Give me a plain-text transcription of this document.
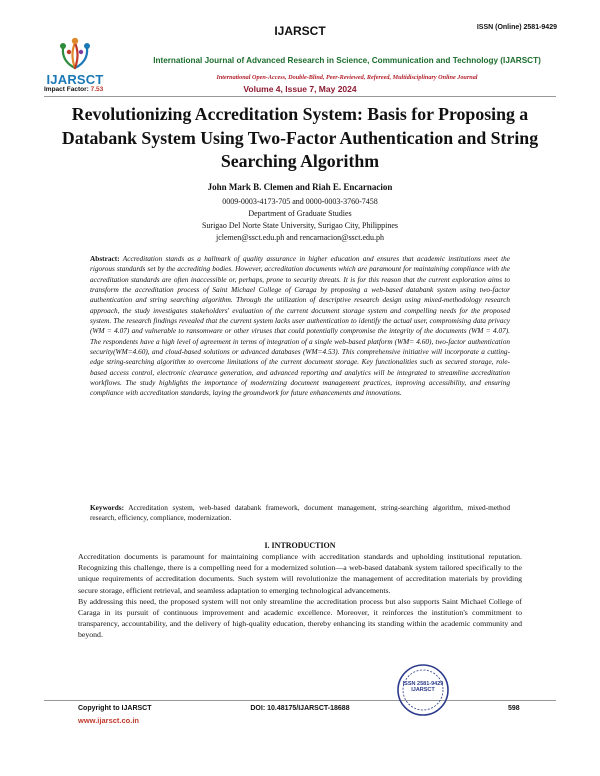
IJARSCT	ISSN (Online) 2581-9429
IJARSCT
International Journal of Advanced Research in Science, Communication and Technology (IJARSCT)
International Open-Access, Double-Blind, Peer-Reviewed, Refereed, Multidisciplinary Online Journal
Impact Factor: 7.53	Volume 4, Issue 7, May 2024
Revolutionizing Accreditation System: Basis for Proposing a Databank System Using Two-Factor Authentication and String Searching Algorithm
John Mark B. Clemen and Riah E. Encarnacion
0009-0003-4173-705 and 0000-0003-3760-7458
Department of Graduate Studies
Surigao Del Norte State University, Surigao City, Philippines
jclemen@ssct.edu.ph and rencarnacion@ssct.edu.ph
Abstract: Accreditation stands as a hallmark of quality assurance in higher education and ensures that academic institutions meet the rigorous standards set by the accrediting bodies. However, accreditation documents which are paramount for maintaining compliance with the accreditation standards are often inaccessible or, perhaps, prone to security threats. It is for this reason that the current exploration aims to transform the accreditation process of Saint Michael College of Caraga by proposing a web-based databank system using two-factor authentication and string searching algorithm. Through the utilization of descriptive research design using mixed-methodology research approach, the study investigates stakeholders' evaluation of the current document storage system and compelling needs for the proposed system. The research findings revealed that the current system lacks user authentication to identify the actual user, compromising data privacy (WM = 4.07) and vulnerable to ransomware or other viruses that could potentially compromise the integrity of the documents (WM = 4.07). The respondents have a high level of agreement in terms of integration of a single web-based platform (WM= 4.60), two-factor authentication security(WM=4.60), and cloud-based solutions or advanced databases (WM=4.53). This comprehensive initiative will incorporate a cutting-edge string-searching algorithm to overcome limitations of the current document storage. Key functionalities such as secured storage, role-based access control, electronic clearance generation, and advanced reporting and analytics will be integrated to streamline accreditation workflows. The study highlights the importance of modernizing document management practices, improving accessibility, and ensuring compliance with accreditation standards, laying the groundwork for future enhancements and innovations.
Keywords: Accreditation system, web-based databank framework, document management, string-searching algorithm, mixed-method research, efficiency, compliance, modernization.
I. INTRODUCTION

Accreditation documents is paramount for maintaining compliance with accreditation standards and upholding institutional reputation. Recognizing this challenge, there is a compelling need for a modernized solution—a web-based databank system tailored specifically to the unique requirements of accreditation documents. Such system will revolutionize the management of accreditation materials by providing secure storage, efficient retrieval, and seamless adaptation to emerging technological advancements.

By addressing this need, the proposed system will not only streamline the accreditation process but also supports Saint Michael College of Caraga in its pursuit of continuous improvement and academic excellence. Moreover, it reinforces the institution's commitment to transparency, accountability, and the delivery of high-quality education, thereby enhancing its standing within the academic community and beyond.

Copyright to IJARSCT
www.ijarsct.co.in
DOI: 10.48175/IJARSCT-18688
ISSN 2581-9429 IJARSCT
598
